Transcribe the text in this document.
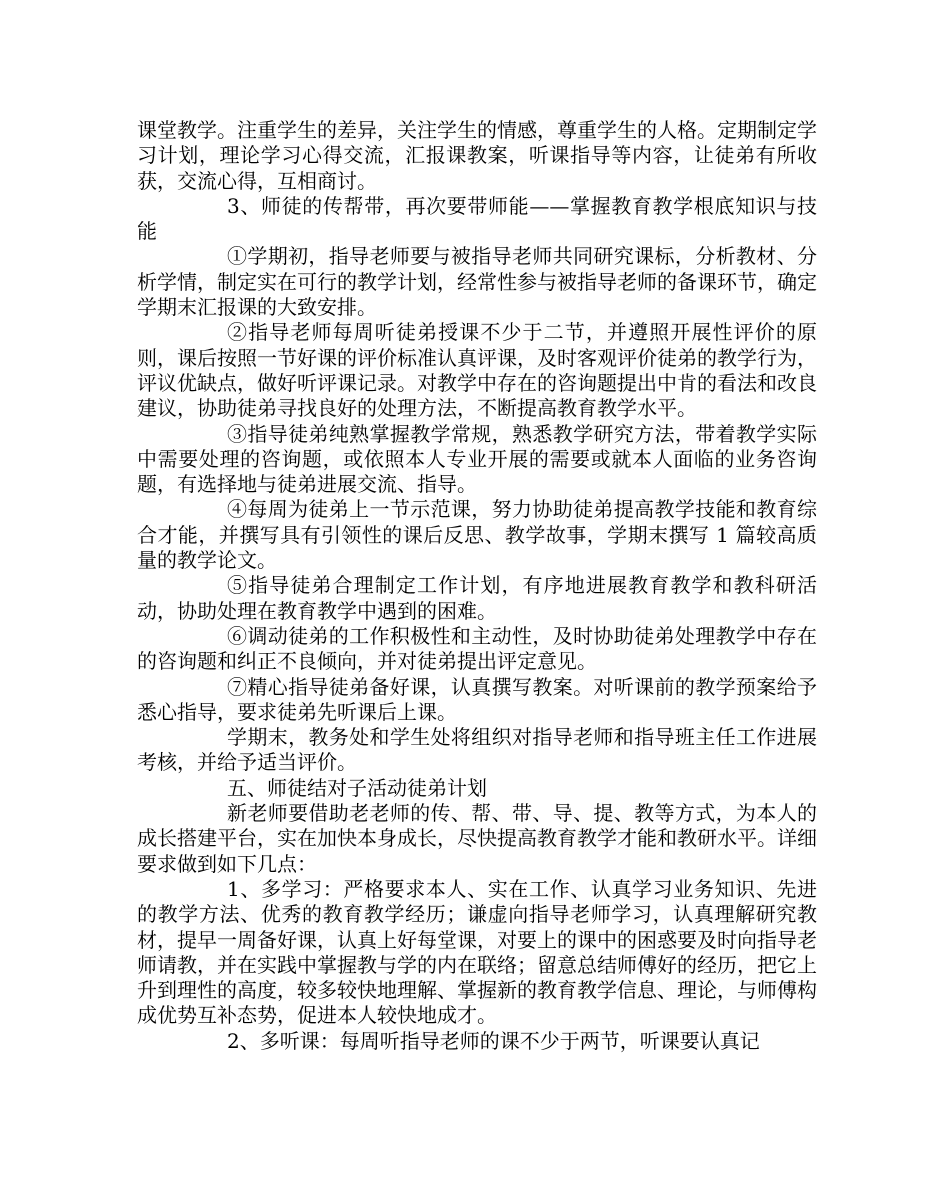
课堂教学。注重学生的差异，关注学生的情感，尊重学生的人格。定期制定学习计划，理论学习心得交流，汇报课教案，听课指导等内容，让徒弟有所收获，交流心得，互相商讨。

3、师徒的传帮带，再次要带师能——掌握教育教学根底知识与技能

①学期初，指导老师要与被指导老师共同研究课标，分析教材、分析学情，制定实在可行的教学计划，经常性参与被指导老师的备课环节，确定学期末汇报课的大致安排。

②指导老师每周听徒弟授课不少于二节，并遵照开展性评价的原则，课后按照一节好课的评价标准认真评课，及时客观评价徒弟的教学行为，评议优缺点，做好听评课记录。对教学中存在的咨询题提出中肯的看法和改良建议，协助徒弟寻找良好的处理方法，不断提高教育教学水平。

③指导徒弟纯熟掌握教学常规，熟悉教学研究方法，带着教学实际中需要处理的咨询题，或依照本人专业开展的需要或就本人面临的业务咨询题，有选择地与徒弟进展交流、指导。

④每周为徒弟上一节示范课，努力协助徒弟提高教学技能和教育综合才能，并撰写具有引领性的课后反思、教学故事，学期末撰写 1 篇较高质量的教学论文。

⑤指导徒弟合理制定工作计划，有序地进展教育教学和教科研活动，协助处理在教育教学中遇到的困难。

⑥调动徒弟的工作积极性和主动性，及时协助徒弟处理教学中存在的咨询题和纠正不良倾向，并对徒弟提出评定意见。

⑦精心指导徒弟备好课，认真撰写教案。对听课前的教学预案给予悉心指导，要求徒弟先听课后上课。

学期末，教务处和学生处将组织对指导老师和指导班主任工作进展考核，并给予适当评价。

五、师徒结对子活动徒弟计划

新老师要借助老老师的传、帮、带、导、提、教等方式，为本人的成长搭建平台，实在加快本身成长，尽快提高教育教学才能和教研水平。详细要求做到如下几点：

1、多学习：严格要求本人、实在工作、认真学习业务知识、先进的教学方法、优秀的教育教学经历；谦虚向指导老师学习，认真理解研究教材，提早一周备好课，认真上好每堂课，对要上的课中的困惑要及时向指导老师请教，并在实践中掌握教与学的内在联络；留意总结师傅好的经历，把它上升到理性的高度，较多较快地理解、掌握新的教育教学信息、理论，与师傅构成优势互补态势，促进本人较快地成才。

2、多听课：每周听指导老师的课不少于两节，听课要认真记
